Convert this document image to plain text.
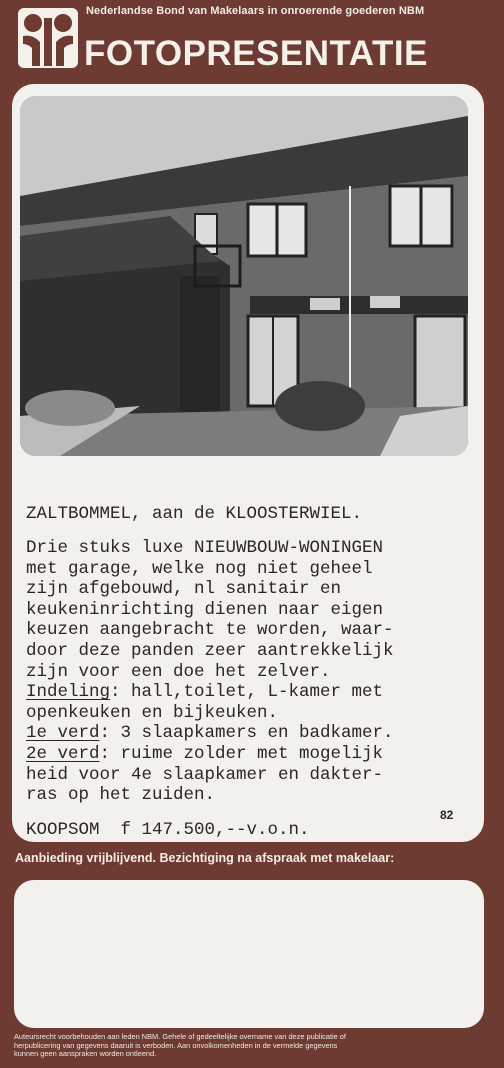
Nederlandse Bond van Makelaars in onroerende goederen NBM
FOTOPRESENTATIE
ZALTBOMMEL, aan de KLOOSTERWIEL.
Drie stuks luxe NIEUWBOUW-WONINGEN
met garage, welke nog niet geheel
zijn afgebouwd, nl sanitair en
keukeninrichting dienen naar eigen
keuzen aangebracht te worden, waar-
door deze panden zeer aantrekkelijk
zijn voor een doe het zelver.
Indeling: hall,toilet, L-kamer met
openkeuken en bijkeuken.
1e verd: 3 slaapkamers en badkamer.
2e verd: ruime zolder met mogelijk
heid voor 4e slaapkamer en dakter-
ras op het zuiden.
KOOPSOM  f 147.500,--v.o.n.
82
Aanbieding vrijblijvend. Bezichtiging na afspraak met makelaar:
Auteursrecht voorbehouden aan leden NBM. Gehele of gedeeltelijke overname van deze publicatie of
herpublicering van gegevens daaruit is verboden. Aan onvolkomenheden in de vermelde gegevens
kunnen geen aanspraken worden ontleend.
